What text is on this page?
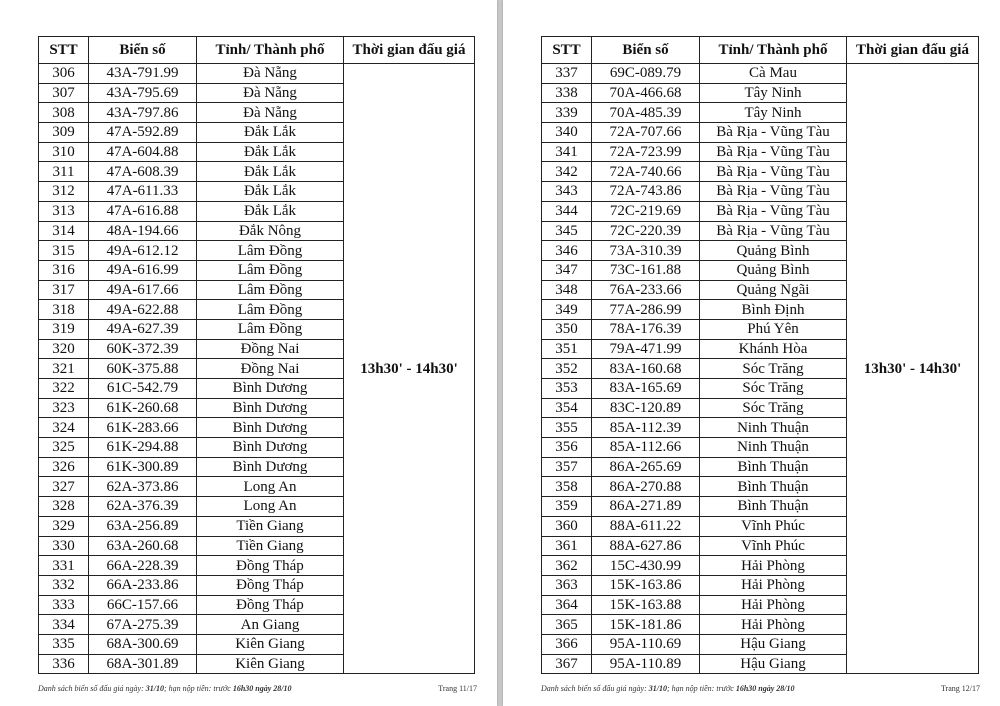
STT	Biển số	Tỉnh/ Thành phố	Thời gian đấu giá
306	43A-791.99	Đà Nẵng	13h30' - 14h30'
307	43A-795.69	Đà Nẵng	
308	43A-797.86	Đà Nẵng	
309	47A-592.89	Đắk Lắk	
310	47A-604.88	Đắk Lắk	
311	47A-608.39	Đắk Lắk	
312	47A-611.33	Đắk Lắk	
313	47A-616.88	Đắk Lắk	
314	48A-194.66	Đắk Nông	
315	49A-612.12	Lâm Đồng	
316	49A-616.99	Lâm Đồng	
317	49A-617.66	Lâm Đồng	
318	49A-622.88	Lâm Đồng	
319	49A-627.39	Lâm Đồng	
320	60K-372.39	Đồng Nai	
321	60K-375.88	Đồng Nai	
322	61C-542.79	Bình Dương	
323	61K-260.68	Bình Dương	
324	61K-283.66	Bình Dương	
325	61K-294.88	Bình Dương	
326	61K-300.89	Bình Dương	
327	62A-373.86	Long An	
328	62A-376.39	Long An	
329	63A-256.89	Tiền Giang	
330	63A-260.68	Tiền Giang	
331	66A-228.39	Đồng Tháp	
332	66A-233.86	Đồng Tháp	
333	66C-157.66	Đồng Tháp	
334	67A-275.39	An Giang	
335	68A-300.69	Kiên Giang	
336	68A-301.89	Kiên Giang	
Danh sách biển số đấu giá ngày: 31/10; hạn nộp tiền: trước 16h30 ngày 28/10	Trang 11/17
STT	Biển số	Tỉnh/ Thành phố	Thời gian đấu giá
337	69C-089.79	Cà Mau	13h30' - 14h30'
338	70A-466.68	Tây Ninh	
339	70A-485.39	Tây Ninh	
340	72A-707.66	Bà Rịa - Vũng Tàu	
341	72A-723.99	Bà Rịa - Vũng Tàu	
342	72A-740.66	Bà Rịa - Vũng Tàu	
343	72A-743.86	Bà Rịa - Vũng Tàu	
344	72C-219.69	Bà Rịa - Vũng Tàu	
345	72C-220.39	Bà Rịa - Vũng Tàu	
346	73A-310.39	Quảng Bình	
347	73C-161.88	Quảng Bình	
348	76A-233.66	Quảng Ngãi	
349	77A-286.99	Bình Định	
350	78A-176.39	Phú Yên	
351	79A-471.99	Khánh Hòa	
352	83A-160.68	Sóc Trăng	
353	83A-165.69	Sóc Trăng	
354	83C-120.89	Sóc Trăng	
355	85A-112.39	Ninh Thuận	
356	85A-112.66	Ninh Thuận	
357	86A-265.69	Bình Thuận	
358	86A-270.88	Bình Thuận	
359	86A-271.89	Bình Thuận	
360	88A-611.22	Vĩnh Phúc	
361	88A-627.86	Vĩnh Phúc	
362	15C-430.99	Hải Phòng	
363	15K-163.86	Hải Phòng	
364	15K-163.88	Hải Phòng	
365	15K-181.86	Hải Phòng	
366	95A-110.69	Hậu Giang	
367	95A-110.89	Hậu Giang	
Danh sách biển số đấu giá ngày: 31/10; hạn nộp tiền: trước 16h30 ngày 28/10	Trang 12/17
